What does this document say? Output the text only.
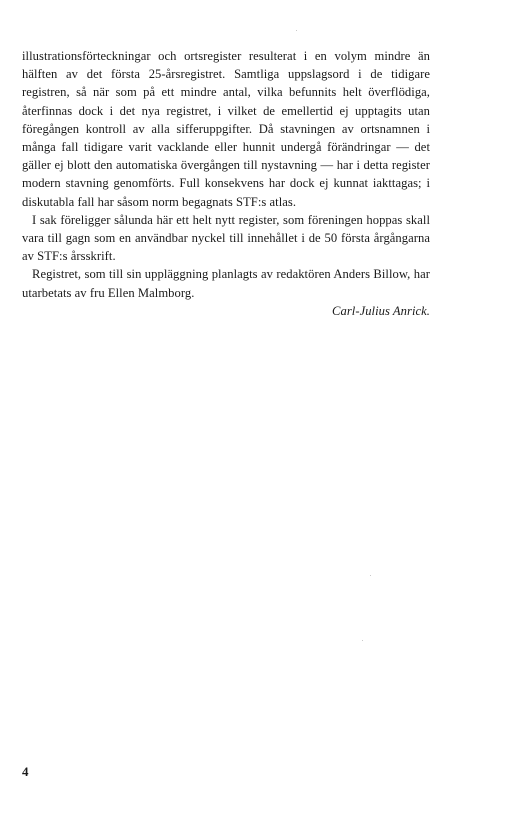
illustrationsförteckningar och ortsregister resulterat i en volym mindre än hälften av det första 25-årsregistret. Samtliga uppslagsord i de tidigare registren, så när som på ett mindre antal, vilka befunnits helt överflödiga, återfinnas dock i det nya registret, i vilket de emellertid ej upptagits utan föregången kontroll av alla sifferuppgifter. Då stavningen av ortsnamnen i många fall tidigare varit vacklande eller hunnit undergå förändringar — det gäller ej blott den automatiska övergången till nystavning — har i detta register modern stavning genomförts. Full konsekvens har dock ej kunnat iakttagas; i diskutabla fall har såsom norm begagnats STF:s atlas.

I sak föreligger sålunda här ett helt nytt register, som föreningen hoppas skall vara till gagn som en användbar nyckel till innehållet i de 50 första årgångarna av STF:s årsskrift.

Registret, som till sin uppläggning planlagts av redaktören Anders Billow, har utarbetats av fru Ellen Malmborg.

Carl-Julius Anrick.

4
